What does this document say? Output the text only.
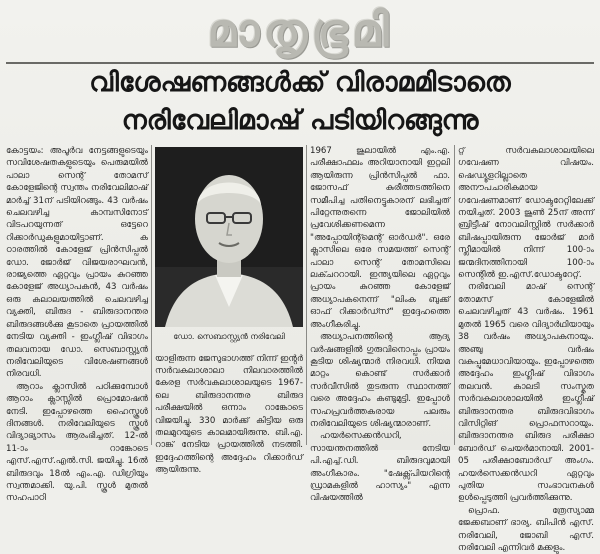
മാതൃഭൂമി
വിശേഷണങ്ങൾക്ക് വിരാമമിടാതെ
നരിവേലിമാഷ് പടിയിറങ്ങുന്നു

കോട്ടയം: അപൂർവ നേട്ടങ്ങളുടെയും സവിശേഷതകളുടെയും പെരുമയിൽ പാലാ സെന്റ് തോമസ് കോളേജിന്റെ സ്വന്തം നരിവേലിമാഷ് മാർച്ച് 31ന് പടിയിറങ്ങും. 43 വർഷം ചെലവഴിച്ച കാമ്പസിനോട് വിടപറയുന്നത് ഒട്ടേറെ റിക്കാർഡുകളുമായിട്ടാണ്. ക ഠാരത്തിൽ കോളേജ് പ്രിൻസിപ്പൽ ഡോ. ജോർജ് വിജയരാഘവൻ, രാജ്യത്തെ ഏറ്റവും പ്രായം കുറഞ്ഞ കോളേജ് അധ്യാപകൻ, 43 വർഷം ഒരു കലാലയത്തിൽ ചെലവഴിച്ച വ്യക്തി, ബിരുദ - ബിരുദാനന്തര ബിരുദങ്ങൾക്കു കൂടാതെ പ്രായത്തിൽ നേടിയ വ്യക്തി - ഇംഗ്ലീഷ് വിഭാഗം തലവനായ ഡോ. സെബാസ്റ്റ്യൻ നരിവേലിയുടെ വിശേഷണങ്ങൾ നിരവധി.

ആറാം ക്ലാസിൽ പഠിക്കുമ്പോൾ ആറാം ക്ലാസ്സിൽ പ്രൊമോഷൻ നേടി. ഇപ്പോഴത്തെ ഹൈസ്കൂൾ ദിനങ്ങൾ. നരിവേലിയുടെ സ്കൂൾ വിദ്യാഭ്യാസം ആരംഭിച്ചത്. 12-ൽ 11-ാം റാങ്കോടെ എസ്.എസ്.എൽ.സി. ജയിച്ചു. 16ൽ ബിരുദവും 18ൽ എം.എ. ഡിഗ്രിയും സ്വന്തമാക്കി. യു.പി. സ്കൂൾ മുതൽ സഹപാഠി

ഡോ. സെബാസ്റ്റ്യൻ നരിവേലി

യാളിരുന്ന ജേസുഭാഗത്ത് നിന്ന് ഇൻ്റർ സർവകലാശാലാ നിലവാരത്തിൽ കേരള സർവകലാശാലയുടെ 1967-ലെ ബിരുദാനന്തര ബിരുദ പരീക്ഷയിൽ ഒന്നാം റാങ്കോടെ വിജയിച്ചു. 330 മാർക്ക് കിട്ടിയ ഒരു തലമുറയുടെ കാലമായിരുന്നു. ബി.എ. റാങ്ക് നേടിയ പ്രായത്തിൽ നടത്തി. ഇദ്ദേഹത്തിന്റെ അദ്ദേഹം റിക്കാർഡ് ആയിരുന്നു.

1967 ജൂലായിൽ എം.എ. പരീക്ഷാഫലം അറിയാനായി ഇറ്റലി ആയിരുന്ന പ്രിൻസിപ്പൽ ഫാ. ജോസഫ് കുരീത്തടത്തിനെ സമീപിച്ച പതിനെട്ടുകാരന് ലഭിച്ചത് പിറ്റേന്നുതന്നെ ജോലിയിൽ പ്രവേശിക്കണമെന്ന "അപ്പോയിന്റ്മെന്റ് ഓർഡർ". ഒരേ ക്ലാസിലെ ഒരേ സമയത്ത് സെന്റ് പാലാ സെന്റ് തോമസിലെ ലക്ചററായി. ഇന്ത്യയിലെ ഏറ്റവും പ്രായം കുറഞ്ഞ കോളേജ് അധ്യാപകനെന്ന് "ലിംക ബുക്ക് ഓഫ് റിക്കാർഡ്സ്" ഇദ്ദേഹത്തെ അംഗീകരിച്ചു.

അധ്യാപനത്തിന്റെ ആദ്യ വർഷങ്ങളിൽ ഗുരുവിനൊപ്പം പ്രായം കൂടിയ ശിഷ്യന്മാർ നിരവധി. നിയമ മാറ്റം കൊണ്ട് സർക്കാർ സർവീസിൽ തുടരുന്ന സ്ഥാനത്ത് വരെ അദ്ദേഹം കണ്ടുമുട്ടി. ഇപ്പോൾ സഹപ്രവർത്തകരായ പലരും നരിവേലിയുടെ ശിഷ്യന്മാരാണ്.

ഹയർസെക്കൻഡറി, സായന്തനത്തിൽ നേടിയ പി.എച്ച്.ഡി. ബിരുദവുമായി അംഗീകാരം. "ഷേക്സ്പിയറിന്റെ ഡ്രാമകളിൽ ഹാസ്യം" എന്ന വിഷയത്തിൽ

റ്റ് സർവകലാശാലയിലെ ഗവേഷണ വിഷയം. ഷെഡ്യൂളറില്ലാതെ അനൗപചാരികമായ ഗവേഷണമാണ് ഡോക്ടറേറ്റിലേക്ക് നയിച്ചത്. 2003 ജൂൺ 25ന് അന്ന് ബ്രിട്ടീഷ് നോവലിസ്റ്റിൽ സർക്കാർ ബിഷപ്പായിരുന്ന ജോർജ് മാർ സ്ലീമായിൽ നിന്ന് 100-ാം ജന്മദിനത്തിനായി 100-ാം സെന്റിൽ ഇ.എസ്.ഡോക്ടറേറ്റ്.

നരിവേലി മാഷ് സെന്റ് തോമസ് കോളേജിൽ ചെലവഴിച്ചത് 43 വർഷം. 1961 മുതൽ 1965 വരെ വിദ്യാർഥിയായും 38 വർഷം അധ്യാപകനായും. അഞ്ചു വർഷം വകുപ്പുമേധാവിയായും. ഇപ്പോഴത്തെ അദ്ദേഹം ഇംഗ്ലീഷ് വിഭാഗം തലവൻ. കാലടി സംസ്കൃത സർവകലാശാലയിൽ ഇംഗ്ലീഷ് ബിരുദാനന്തര ബിരുദവിഭാഗം വിസിറ്റിങ് പ്രൊഫസറായും. ബിരുദാനന്തര ബിരുദ പരീക്ഷാ ബോർഡ് ചെയർമാനായി. 2001-05 പരീക്ഷാബോർഡ് അംഗം. ഹയർസെക്കൻഡറി ഏറ്റവും പുതിയ സംഭാവനകൾ ഉൾപ്പെടുത്തി പ്രവർത്തിക്കുന്നു.

പ്രൊഫ. ത്രേസ്യാമ്മ ജേക്കബാണ് ഭാര്യ. ബിപിൻ എസ്. നരിവേലി, ജോബി എസ്. നരിവേലി എന്നിവർ മക്കളും.
